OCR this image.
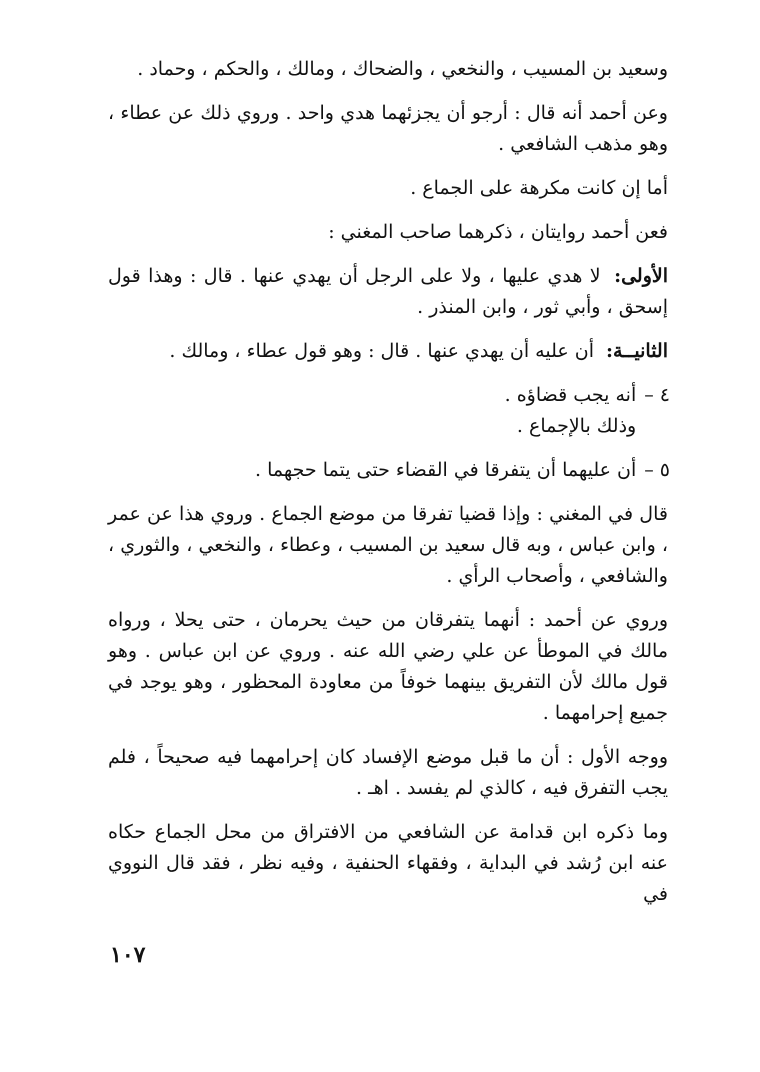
وسعيد بن المسيب ، والنخعي ، والضحاك ، ومالك ، والحكم ، وحماد .

وعن أحمد أنه قال : أرجو أن يجزئهما هدي واحد . وروي ذلك عن عطاء ، وهو مذهب الشافعي .

أما إن كانت مكرهة على الجماع .

فعن أحمد روايتان ، ذكرهما صاحب المغني :

الأولى: لا هدي عليها ، ولا على الرجل أن يهدي عنها . قال : وهذا قول إسحق ، وأبي ثور ، وابن المنذر .

الثانيــة: أن عليه أن يهدي عنها . قال : وهو قول عطاء ، ومالك .

٤ –
أنه يجب قضاؤه .
وذلك بالإجماع .
٥ –
أن عليهما أن يتفرقا في القضاء حتى يتما حجهما .

قال في المغني : وإذا قضيا تفرقا من موضع الجماع . وروي هذا عن عمر ، وابن عباس ، وبه قال سعيد بن المسيب ، وعطاء ، والنخعي ، والثوري ، والشافعي ، وأصحاب الرأي .

وروي عن أحمد : أنهما يتفرقان من حيث يحرمان ، حتى يحلا ، ورواه مالك في الموطأ عن علي رضي الله عنه . وروي عن ابن عباس . وهو قول مالك لأن التفريق بينهما خوفاً من معاودة المحظور ، وهو يوجد في جميع إحرامهما .

ووجه الأول : أن ما قبل موضع الإفساد كان إحرامهما فيه صحيحاً ، فلم يجب التفرق فيه ، كالذي لم يفسد . اهـ .

وما ذكره ابن قدامة عن الشافعي من الافتراق من محل الجماع حكاه عنه ابن رُشد في البداية ، وفقهاء الحنفية ، وفيه نظر ، فقد قال النووي في

١٠٧
